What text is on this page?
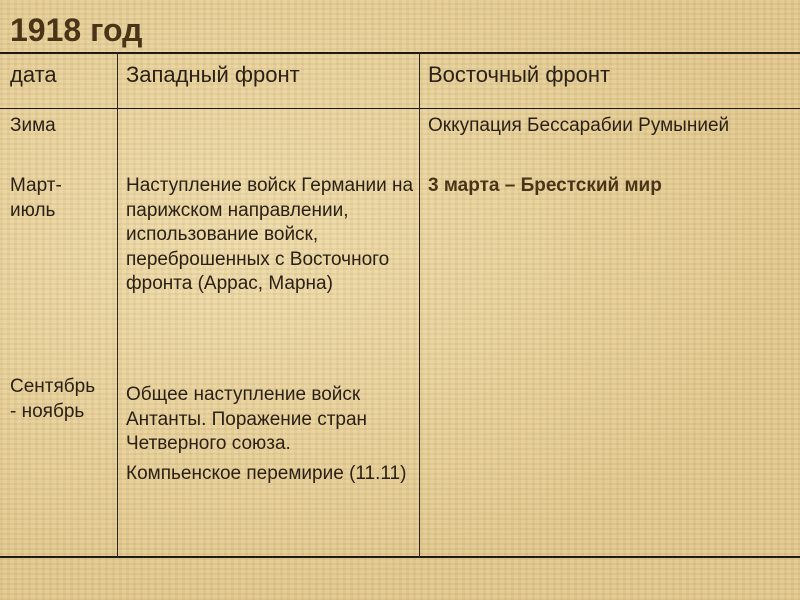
1918 год
дата	Западный фронт	Восточный фронт
Зима
Март-
июль
Сентябрь
- ноябрь
Наступление войск Германии на парижском направлении, использование войск, переброшенных с Восточного фронта (Аррас, Марна)
Общее наступление войск Антанты. Поражение стран Четверного союза.
Компьенское перемирие (11.11)
Оккупация Бессарабии Румынией
3 марта – Брестский мир
